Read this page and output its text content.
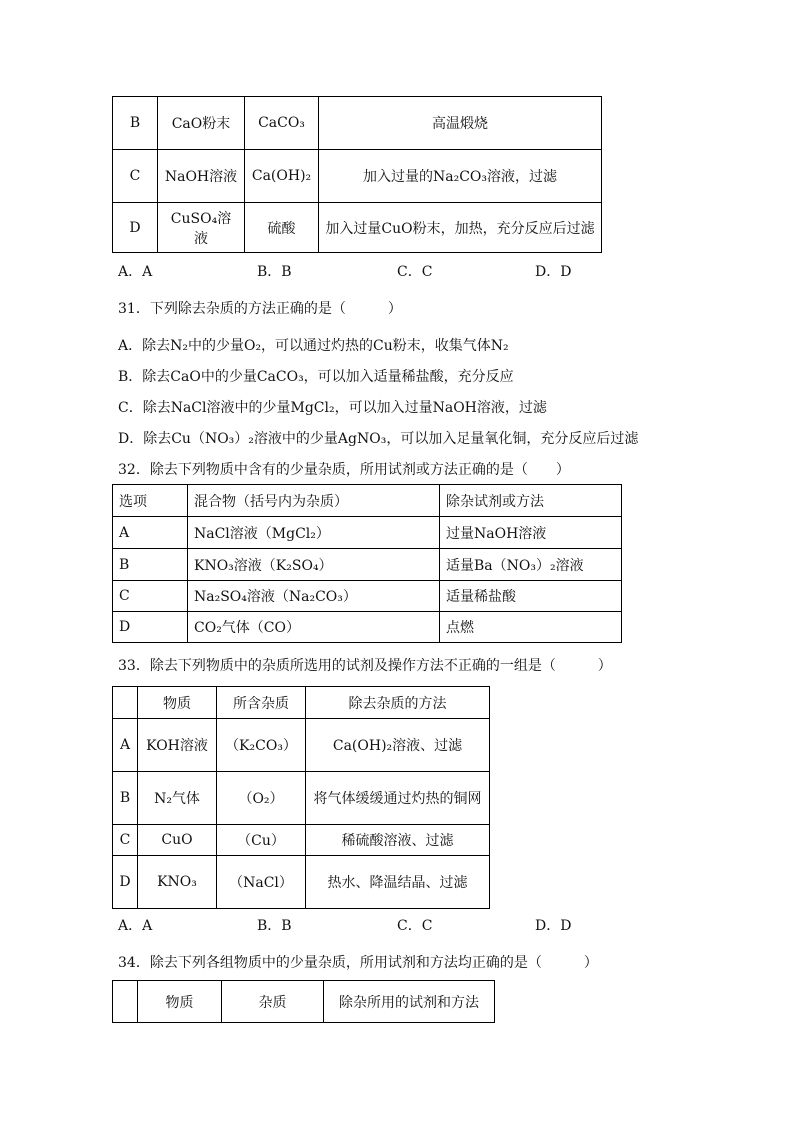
B	CaO粉末	CaCO₃	高温煅烧
C	NaOH溶液	Ca(OH)₂	加入过量的Na₂CO₃溶液，过滤
D	CuSO₄溶液	硫酸	加入过量CuO粉末，加热，充分反应后过滤
A．A	B．B	C．C	D．D
31．下列除去杂质的方法正确的是（　　　）
A．除去N₂中的少量O₂，可以通过灼热的Cu粉末，收集气体N₂
B．除去CaO中的少量CaCO₃，可以加入适量稀盐酸，充分反应
C．除去NaCl溶液中的少量MgCl₂，可以加入过量NaOH溶液，过滤
D．除去Cu（NO₃）₂溶液中的少量AgNO₃，可以加入足量氧化铜，充分反应后过滤
32．除去下列物质中含有的少量杂质，所用试剂或方法正确的是（　　）
选项	混合物（括号内为杂质）	除杂试剂或方法
A	NaCl溶液（MgCl₂）	过量NaOH溶液
B	KNO₃溶液（K₂SO₄）	适量Ba（NO₃）₂溶液
C	Na₂SO₄溶液（Na₂CO₃）	适量稀盐酸
D	CO₂气体（CO）	点燃
33．除去下列物质中的杂质所选用的试剂及操作方法不正确的一组是（　　　）
	物质	所含杂质	除去杂质的方法
A	KOH溶液	（K₂CO₃）	Ca(OH)₂溶液、过滤
B	N₂气体	（O₂）	将气体缓缓通过灼热的铜网
C	CuO	（Cu）	稀硫酸溶液、过滤
D	KNO₃	（NaCl）	热水、降温结晶、过滤
A．A	B．B	C．C	D．D
34．除去下列各组物质中的少量杂质，所用试剂和方法均正确的是（　　　）
	物质	杂质	除杂所用的试剂和方法
